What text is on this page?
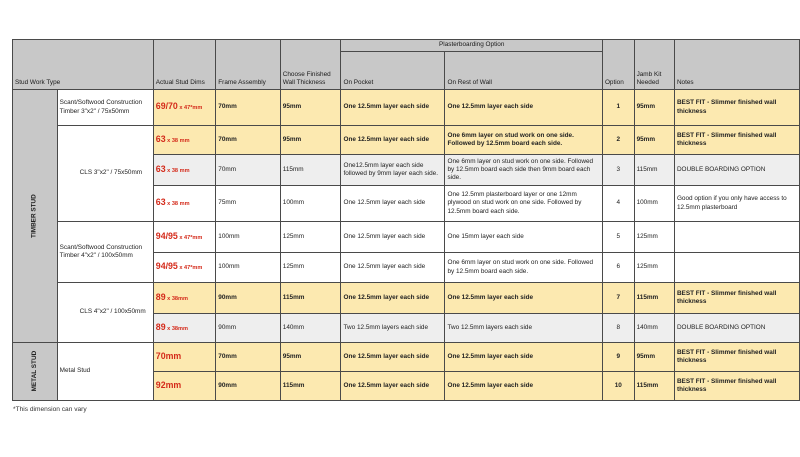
Stud Work Type		Actual Stud Dims	Frame Assembly	Choose Finished Wall Thickness	Plasterboarding Option		Option	Jamb Kit Needed	Notes
					On Pocket	On Rest of Wall			
TIMBER STUD	Scant/Softwood Construction Timber 3"x2" / 75x50mm	69/70 x 47*mm	70mm	95mm	One 12.5mm layer each side	One 12.5mm layer each side	1	95mm	BEST FIT - Slimmer finished wall thickness
	CLS 3"x2" / 75x50mm	63 x 38 mm	70mm	95mm	One 12.5mm layer each side	One 6mm layer on stud work on one side. Followed by 12.5mm board each side.	2	95mm	BEST FIT - Slimmer finished wall thickness
		63 x 38 mm	70mm	115mm	One12.5mm layer each side followed by 9mm layer each side.	One 6mm layer on stud work on one side. Followed by 12.5mm board each side then 9mm board each side.	3	115mm	DOUBLE BOARDING OPTION
		63 x 38 mm	75mm	100mm	One 12.5mm layer each side	One 12.5mm plasterboard layer or one 12mm plywood on stud work on one side. Followed by 12.5mm board each side.	4	100mm	Good option if you only have access to 12.5mm plasterboard
	Scant/Softwood Construction Timber 4"x2" / 100x50mm	94/95 x 47*mm	100mm	125mm	One 12.5mm layer each side	One 15mm layer each side	5	125mm	
		94/95 x 47*mm	100mm	125mm	One 12.5mm layer each side	One 6mm layer on stud work on one side. Followed by 12.5mm board each side.	6	125mm	
	CLS 4"x2" / 100x50mm	89 x 38mm	90mm	115mm	One 12.5mm layer each side	One 12.5mm layer each side	7	115mm	BEST FIT - Slimmer finished wall thickness
		89 x 38mm	90mm	140mm	Two 12.5mm layers each side	Two 12.5mm layers each side	8	140mm	DOUBLE BOARDING OPTION
METAL STUD	Metal Stud	70mm	70mm	95mm	One 12.5mm layer each side	One 12.5mm layer each side	9	95mm	BEST FIT - Slimmer finished wall thickness
		92mm	90mm	115mm	One 12.5mm layer each side	One 12.5mm layer each side	10	115mm	BEST FIT - Slimmer finished wall thickness
*This dimension can vary
